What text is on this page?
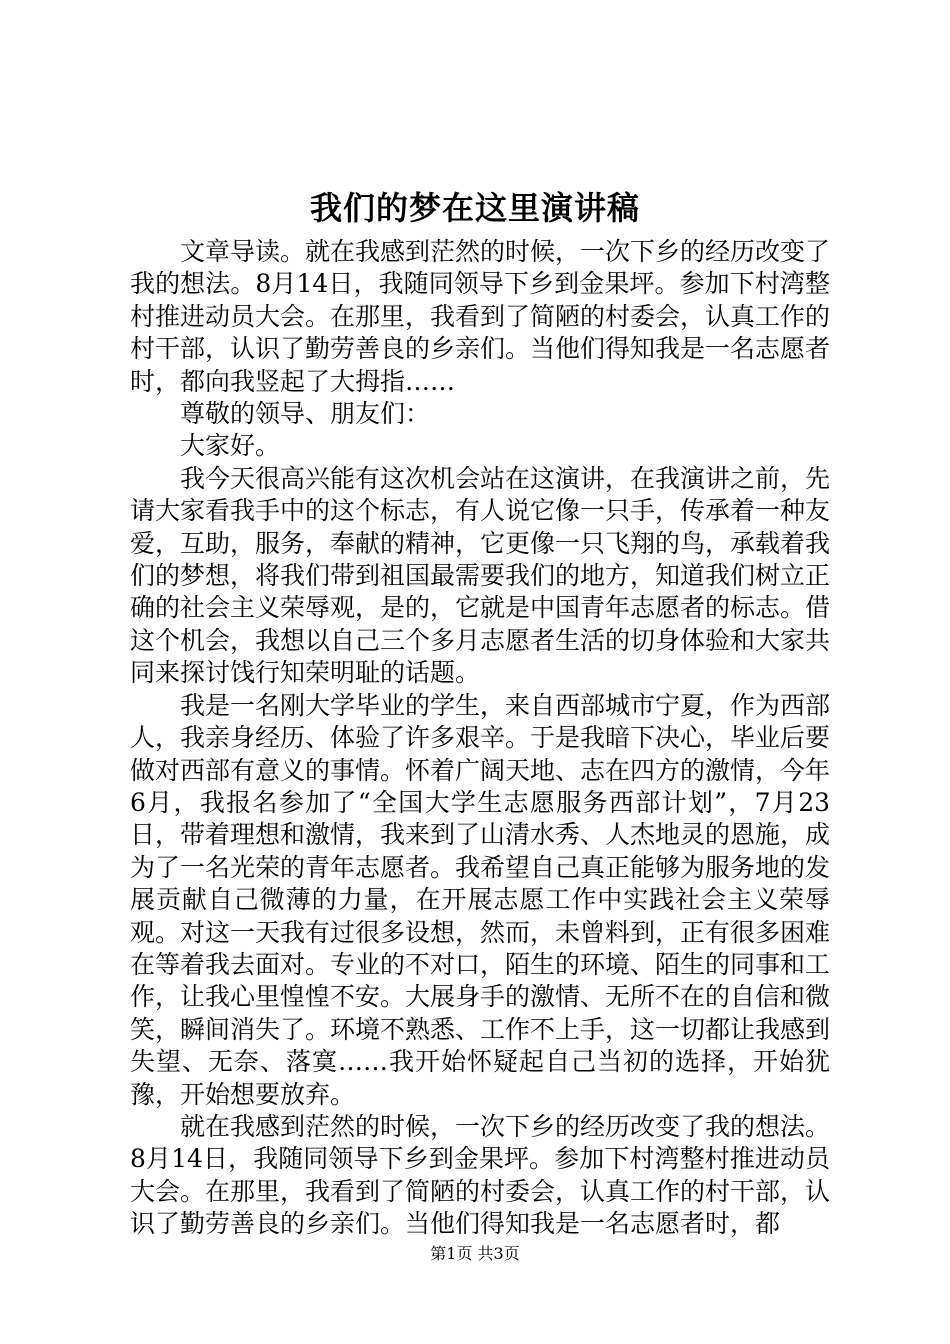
我们的梦在这里演讲稿

文章导读。就在我感到茫然的时候，一次下乡的经历改变了我的想法。8月14日，我随同领导下乡到金果坪。参加下村湾整村推进动员大会。在那里，我看到了简陋的村委会，认真工作的村干部，认识了勤劳善良的乡亲们。当他们得知我是一名志愿者时，都向我竖起了大拇指……

尊敬的领导、朋友们：

大家好。

我今天很高兴能有这次机会站在这演讲，在我演讲之前，先请大家看我手中的这个标志，有人说它像一只手，传承着一种友爱，互助，服务，奉献的精神，它更像一只飞翔的鸟，承载着我们的梦想，将我们带到祖国最需要我们的地方，知道我们树立正确的社会主义荣辱观，是的，它就是中国青年志愿者的标志。借这个机会，我想以自己三个多月志愿者生活的切身体验和大家共同来探讨饯行知荣明耻的话题。

我是一名刚大学毕业的学生，来自西部城市宁夏，作为西部人，我亲身经历、体验了许多艰辛。于是我暗下决心，毕业后要做对西部有意义的事情。怀着广阔天地、志在四方的激情，今年6月，我报名参加了“全国大学生志愿服务西部计划”，7月23日，带着理想和激情，我来到了山清水秀、人杰地灵的恩施，成为了一名光荣的青年志愿者。我希望自己真正能够为服务地的发展贡献自己微薄的力量，在开展志愿工作中实践社会主义荣辱观。对这一天我有过很多设想，然而，未曾料到，正有很多困难在等着我去面对。专业的不对口，陌生的环境、陌生的同事和工作，让我心里惶惶不安。大展身手的激情、无所不在的自信和微笑，瞬间消失了。环境不熟悉、工作不上手，这一切都让我感到失望、无奈、落寞……我开始怀疑起自己当初的选择，开始犹豫，开始想要放弃。

就在我感到茫然的时候，一次下乡的经历改变了我的想法。8月14日，我随同领导下乡到金果坪。参加下村湾整村推进动员大会。在那里，我看到了简陋的村委会，认真工作的村干部，认识了勤劳善良的乡亲们。当他们得知我是一名志愿者时，都

第1页 共3页
